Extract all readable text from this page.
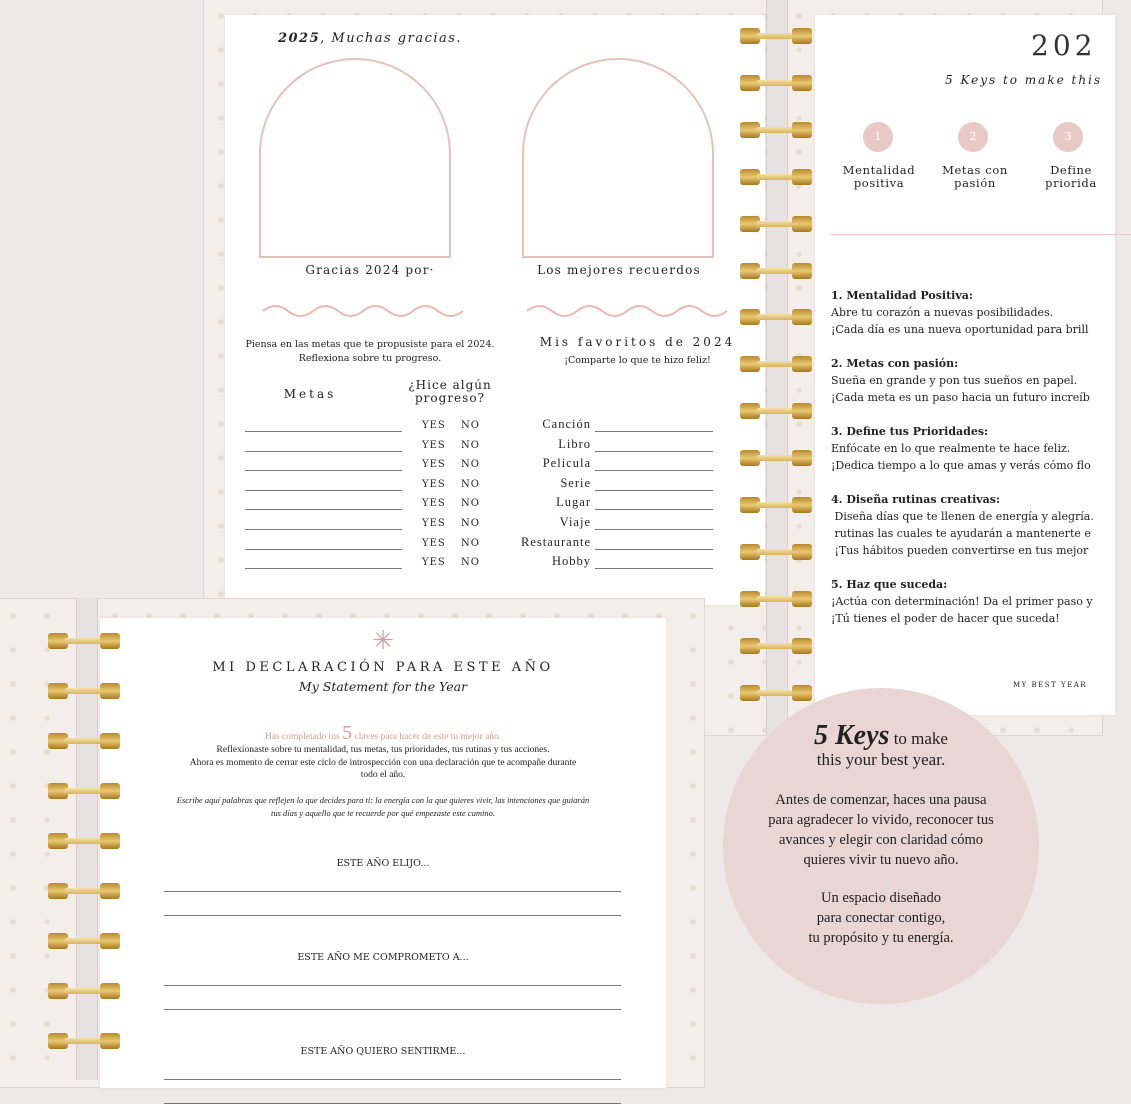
2025, Muchas gracias.
Gracias 2024 por·	Los mejores recuerdos
Piensa en las metas que te propusiste para el 2024.
Reflexiona sobre tu progreso.
Metas
¿Hice algún
progreso?
Mis favoritos de 2024
¡Comparte lo que te hizo feliz!
YES NO	Canción
YES NO	Libro
YES NO	Pelicula
YES NO	Serie
YES NO	Lugar
YES NO	Viaje
YES NO	Restaurante
YES NO	Hobby
202
5 Keys to make this
1
Mentalidad
positiva
2
Metas con
pasión
3
Define
priorida
1. Mentalidad Positiva:
Abre tu corazón a nuevas posibilidades.
¡Cada día es una nueva oportunidad para brill
2. Metas con pasión:
Sueña en grande y pon tus sueños en papel.
¡Cada meta es un paso hacia un futuro increíb
3. Define tus Prioridades:
Enfócate en lo que realmente te hace feliz.
¡Dedica tiempo a lo que amas y verás cómo flo
4. Diseña rutinas creativas:
Diseña días que te llenen de energía y alegría.
rutinas las cuales te ayudarán a mantenerte e
¡Tus hábitos pueden convertirse en tus mejor
5. Haz que suceda:
¡Actúa con determinación! Da el primer paso y
¡Tú tienes el poder de hacer que suceda!
MY BEST YEAR
✳
MI DECLARACIÓN PARA ESTE AÑO
My Statement for the Year
Has completado tus 5 claves para hacer de este tu mejor año.
Reflexionaste sobre tu mentalidad, tus metas, tus prioridades, tus rutinas y tus acciones.
Ahora es momento de cerrar este ciclo de introspección con una declaración que te acompañe durante
todo el año.
Escribe aquí palabras que reflejen lo que decides para ti: la energía con la que quieres vivir, las intenciones que guiarán
tus días y aquello que te recuerde por qué empezaste este camino.
ESTE AÑO ELIJO...
ESTE AÑO ME COMPROMETO A...
ESTE AÑO QUIERO SENTIRME...
5 Keys to make
this your best year.
Antes de comenzar, haces una pausa
para agradecer lo vivido, reconocer tus
avances y elegir con claridad cómo
quieres vivir tu nuevo año.
Un espacio diseñado
para conectar contigo,
tu propósito y tu energía.
